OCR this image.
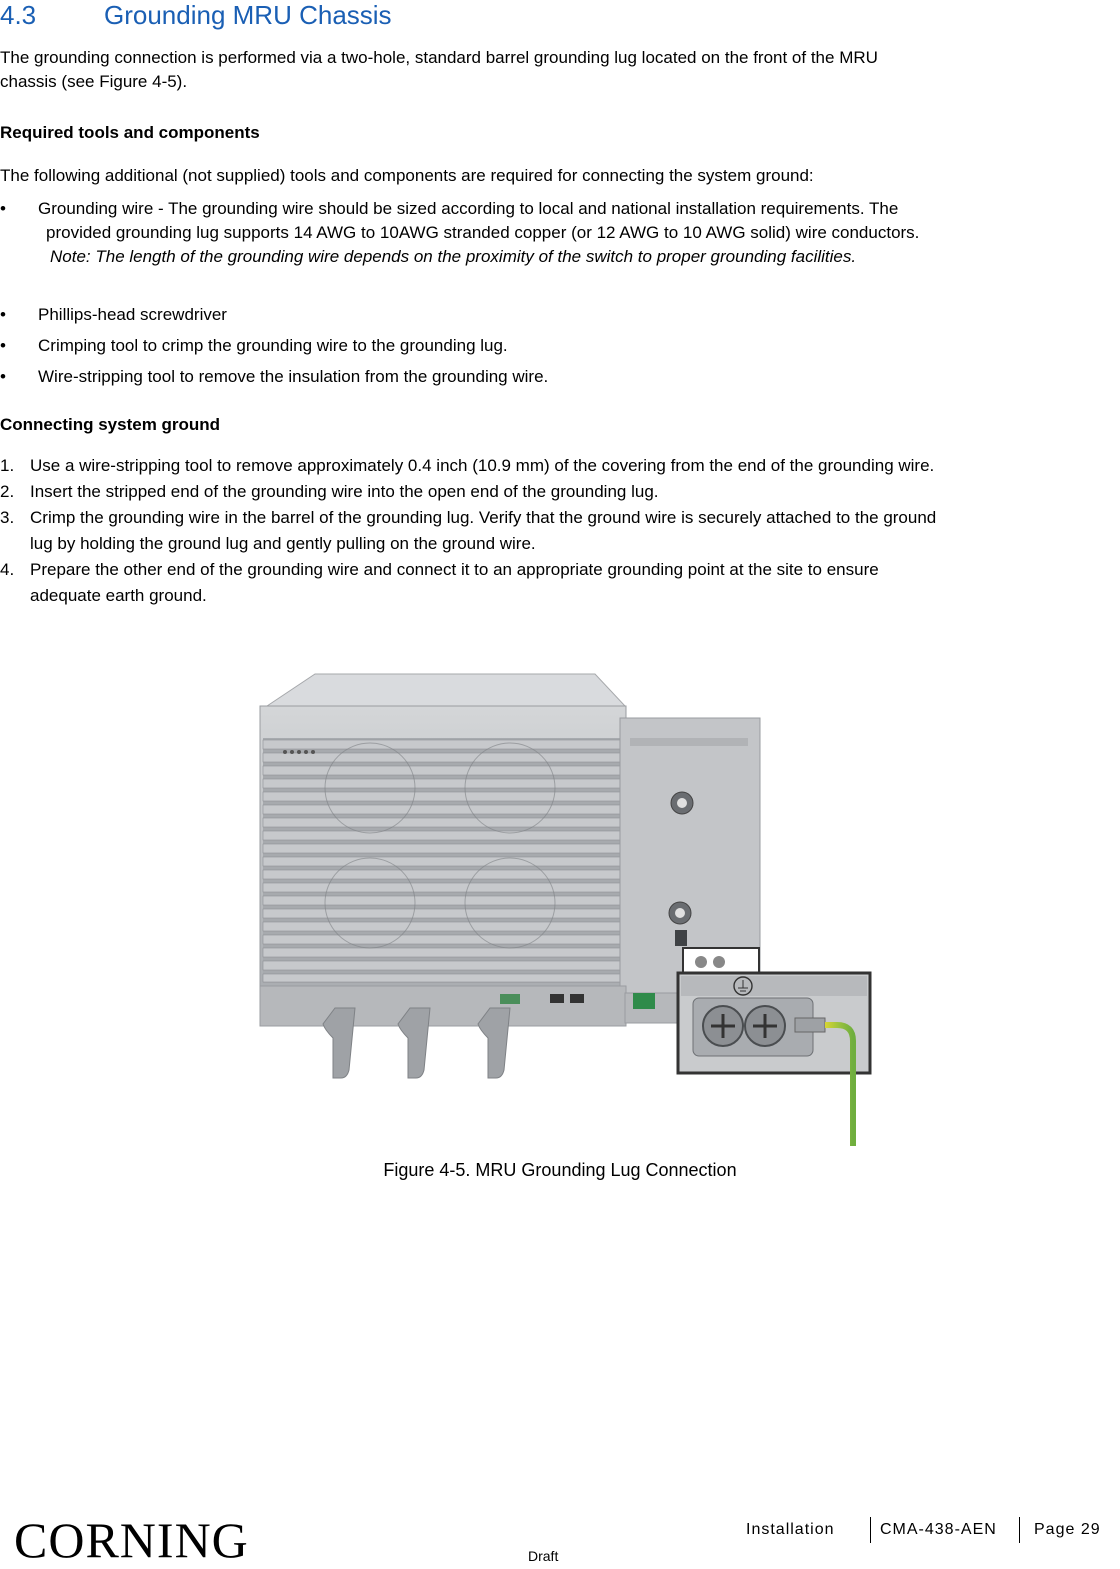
4.3	Grounding MRU Chassis

The grounding connection is performed via a two-hole, standard barrel grounding lug located on the front of the MRU

chassis (see Figure 4-5).

Required tools and components

The following additional (not supplied) tools and components are required for connecting the system ground:

• Grounding wire - The grounding wire should be sized according to local and national installation requirements. The
provided grounding lug supports 14 AWG to 10AWG stranded copper (or 12 AWG to 10 AWG solid) wire conductors.
Note: The length of the grounding wire depends on the proximity of the switch to proper grounding facilities.
• Phillips-head screwdriver
• Crimping tool to crimp the grounding wire to the grounding lug.
• Wire-stripping tool to remove the insulation from the grounding wire.
Connecting system ground
1. Use a wire-stripping tool to remove approximately 0.4 inch (10.9 mm) of the covering from the end of the grounding wire.
2. Insert the stripped end of the grounding wire into the open end of the grounding lug.
3. Crimp the grounding wire in the barrel of the grounding lug. Verify that the ground wire is securely attached to the ground
lug by holding the ground lug and gently pulling on the ground wire.
4. Prepare the other end of the grounding wire and connect it to an appropriate grounding point at the site to ensure
adequate earth ground.
Figure 4-5. MRU Grounding Lug Connection
CORNING	Installation	CMA-438-AEN Page 29
Draft
